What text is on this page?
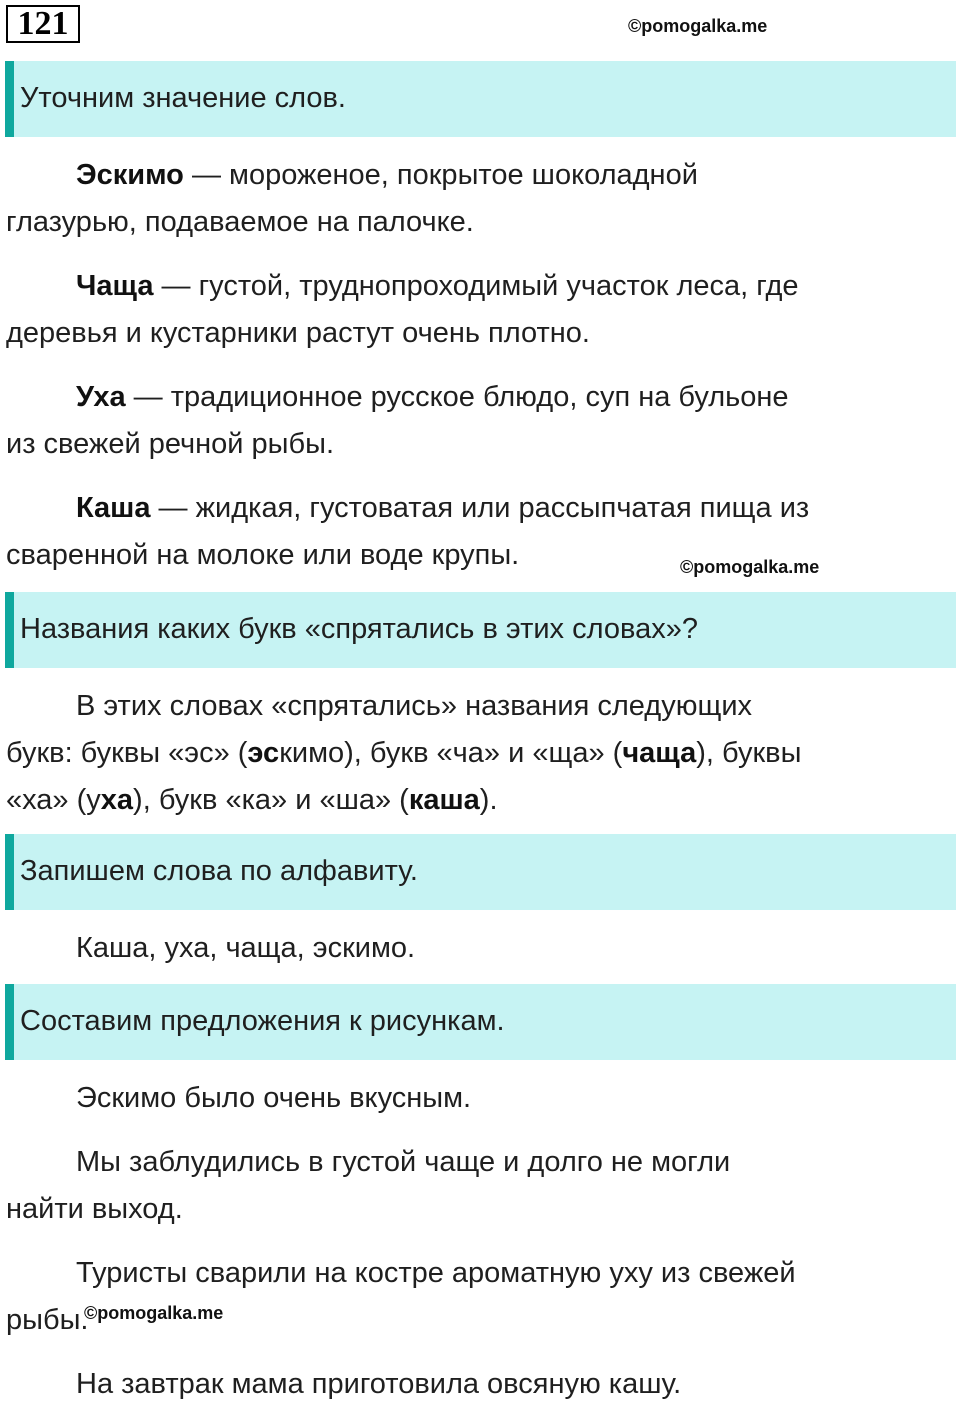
121	©pomogalka.me
Уточним значение слов.
Эскимо — мороженое, покрытое шоколадной
глазурью, подаваемое на палочке.
Чаща — густой, труднопроходимый участок леса, где
деревья и кустарники растут очень плотно.
Уха — традиционное русское блюдо, суп на бульоне
из свежей речной рыбы.
Каша — жидкая, густоватая или рассыпчатая пища из
сваренной на молоке или воде крупы.	©pomogalka.me
Названия каких букв «спрятались в этих словах»?
В этих словах «спрятались» названия следующих
букв: буквы «эс» (эскимо), букв «ча» и «ща» (чаща), буквы
«ха» (уха), букв «ка» и «ша» (каша).
Запишем слова по алфавиту.
Каша, уха, чаща, эскимо.
Составим предложения к рисункам.
Эскимо было очень вкусным.
Мы заблудились в густой чаще и долго не могли
найти выход.
Туристы сварили на костре ароматную уху из свежей
рыбы.
©pomogalka.me
На завтрак мама приготовила овсяную кашу.
